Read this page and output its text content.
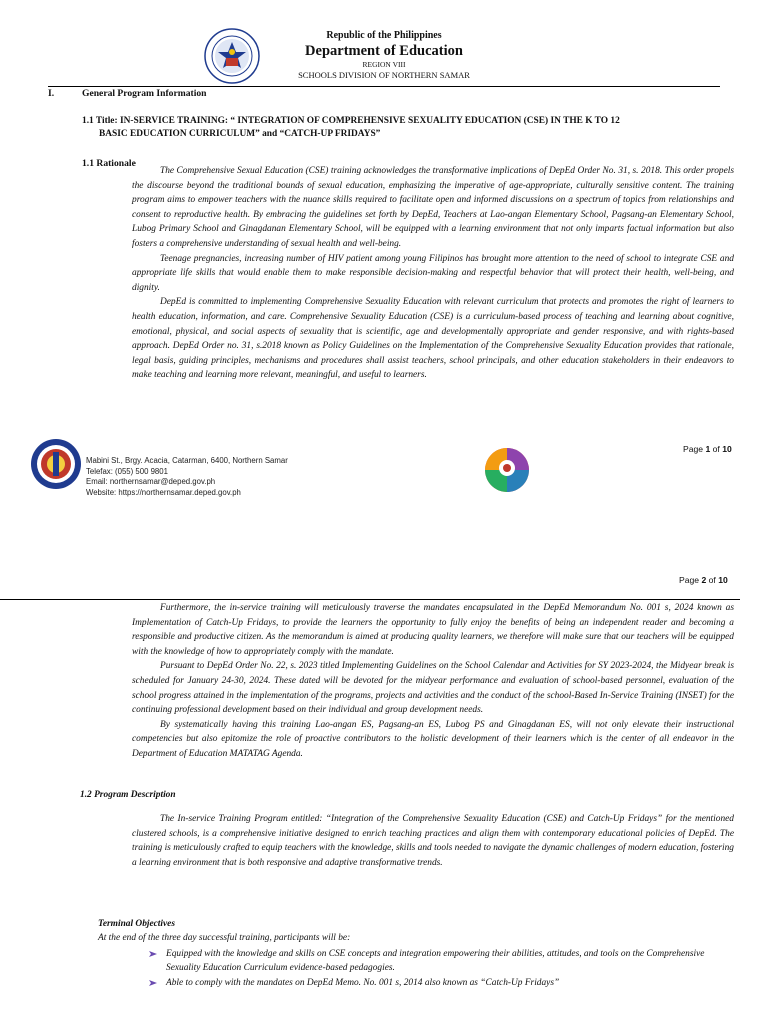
Republic of the Philippines
Department of Education
REGION VIII
SCHOOLS DIVISION OF NORTHERN SAMAR
I.	General Program Information
1.1 Title: IN-SERVICE TRAINING: “ INTEGRATION OF COMPREHENSIVE SEXUALITY EDUCATION (CSE) IN THE K TO 12
BASIC EDUCATION CURRICULUM” and “CATCH-UP FRIDAYS”
1.1 Rationale

The Comprehensive Sexual Education (CSE) training acknowledges the transformative implications of DepEd Order No. 31, s. 2018. This order propels the discourse beyond the traditional bounds of sexual education, emphasizing the imperative of age-appropriate, culturally sensitive content. The training program aims to empower teachers with the nuance skills required to facilitate open and informed discussions on a spectrum of topics from relationships and consent to reproductive health. By embracing the guidelines set forth by DepEd, Teachers at Lao-angan Elementary School, Pagsang-an Elementary School, Lubog Primary School and Ginagdanan Elementary School, will be equipped with a learning environment that not only imparts factual information but also fosters a comprehensive understanding of sexual health and well-being.

Teenage pregnancies, increasing number of HIV patient among young Filipinos has brought more attention to the need of school to integrate CSE and appropriate life skills that would enable them to make responsible decision-making and respectful behavior that will protect their health, well-being, and dignity.

DepEd is committed to implementing Comprehensive Sexuality Education with relevant curriculum that protects and promotes the right of learners to health education, information, and care. Comprehensive Sexuality Education (CSE) is a curriculum-based process of teaching and learning about cognitive, emotional, physical, and social aspects of sexuality that is scientific, age and developmentally appropriate and gender responsive, and with rights-based approach. DepEd Order no. 31, s.2018 known as Policy Guidelines on the Implementation of the Comprehensive Sexuality Education provides that rationale, legal basis, guiding principles, mechanisms and procedures shall assist teachers, school principals, and other education stakeholders in their endeavors to make teaching and learning more relevant, meaningful, and useful to learners.

Mabini St., Brgy. Acacia, Catarman, 6400, Northern Samar
Telefax: (055) 500 9801
Email: northernsamar@deped.gov.ph
Website: https://northernsamar.deped.gov.ph
Page 1 of 10
Page 2 of 10

Furthermore, the in-service training will meticulously traverse the mandates encapsulated in the DepEd Memorandum No. 001 s, 2024 known as Implementation of Catch-Up Fridays, to provide the learners the opportunity to fully enjoy the benefits of being an independent reader and becoming a responsible and productive citizen. As the memorandum is aimed at producing quality learners, we therefore will make sure that our teachers will be equipped with the knowledge of how to appropriately comply with the mandate.

Pursuant to DepEd Order No. 22, s. 2023 titled Implementing Guidelines on the School Calendar and Activities for SY 2023-2024, the Midyear break is scheduled for January 24-30, 2024. These dated will be devoted for the midyear performance and evaluation of school-based personnel, evaluation of the school progress attained in the implementation of the programs, projects and activities and the conduct of the school-Based In-Service Training (INSET) for the continuing professional development based on their individual and group development needs.

By systematically having this training Lao-angan ES, Pagsang-an ES, Lubog PS and Ginagdanan ES, will not only elevate their instructional competencies but also epitomize the role of proactive contributors to the holistic development of their learners which is the center of all endeavor in the Department of Education MATATAG Agenda.

1.2 Program Description

The In-service Training Program entitled: “Integration of the Comprehensive Sexuality Education (CSE) and Catch-Up Fridays” for the mentioned clustered schools, is a comprehensive initiative designed to enrich teaching practices and align them with contemporary educational policies of DepEd. The training is meticulously crafted to equip teachers with the knowledge, skills and tools needed to navigate the dynamic challenges of modern education, fostering a learning environment that is both responsive and adaptive transformative trends.

Terminal Objectives
At the end of the three day successful training, participants will be:
Equipped with the knowledge and skills on CSE concepts and integration empowering their abilities, attitudes, and tools on the Comprehensive Sexuality Education Curriculum evidence-based pedagogies.
Able to comply with the mandates on DepEd Memo. No. 001 s, 2014 also known as “Catch-Up Fridays”
